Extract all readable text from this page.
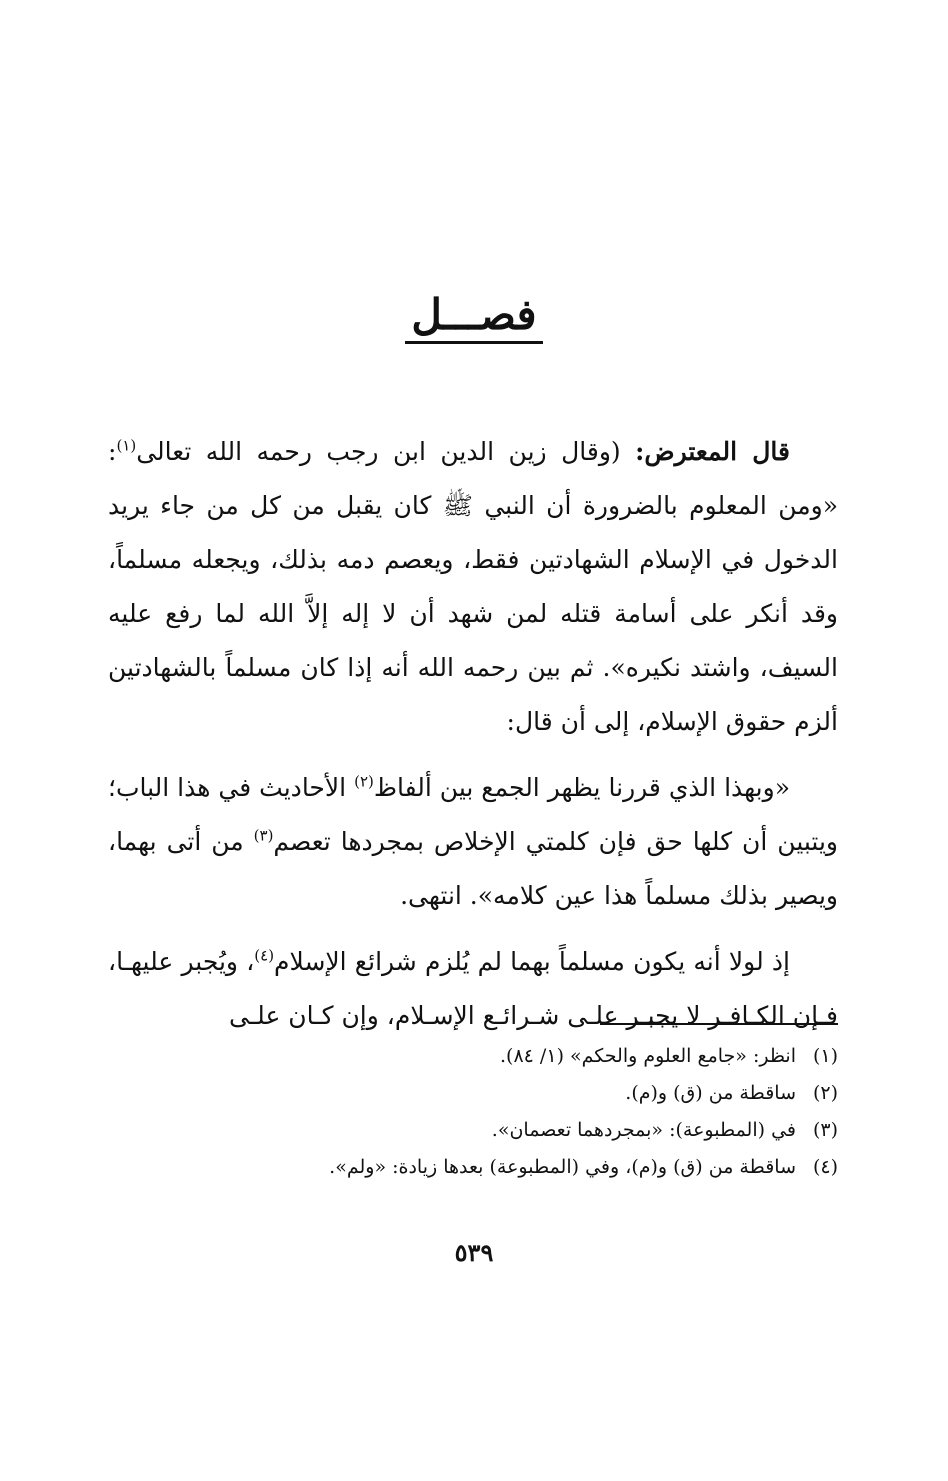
فصـــل

قال المعترض: (وقال زين الدين ابن رجب رحمه الله تعالى$^{(١)}$: «ومن المعلوم بالضرورة أن النبي ﷺ كان يقبل من كل من جاء يريد الدخول في الإسلام الشهادتين فقط، ويعصم دمه بذلك، ويجعله مسلماً، وقد أنكر على أسامة قتله لمن شهد أن لا إله إلاَّ الله لما رفع عليه السيف، واشتد نكيره». ثم بين رحمه الله أنه إذا كان مسلماً بالشهادتين ألزم حقوق الإسلام، إلى أن قال:

«وبهذا الذي قررنا يظهر الجمع بين ألفاظ$^{(٢)}$ الأحاديث في هذا الباب؛ ويتبين أن كلها حق فإن كلمتي الإخلاص بمجردها تعصم$^{(٣)}$ من أتى بهما، ويصير بذلك مسلماً هذا عين كلامه». انتهى.

إذ لولا أنه يكون مسلماً بهما لم يُلزم شرائع الإسلام$^{(٤)}$، ويُجبر عليهـا، فـإن الكـافـر لا يجبـر علـى شـرائـع الإسـلام، وإن كـان علـى

(١)انظر: «جامع العلوم والحكم» (١/ ٨٤).
(٢)ساقطة من (ق) و(م).
(٣)في (المطبوعة): «بمجردهما تعصمان».
(٤)ساقطة من (ق) و(م)، وفي (المطبوعة) بعدها زيادة: «ولم».
٥٣٩
